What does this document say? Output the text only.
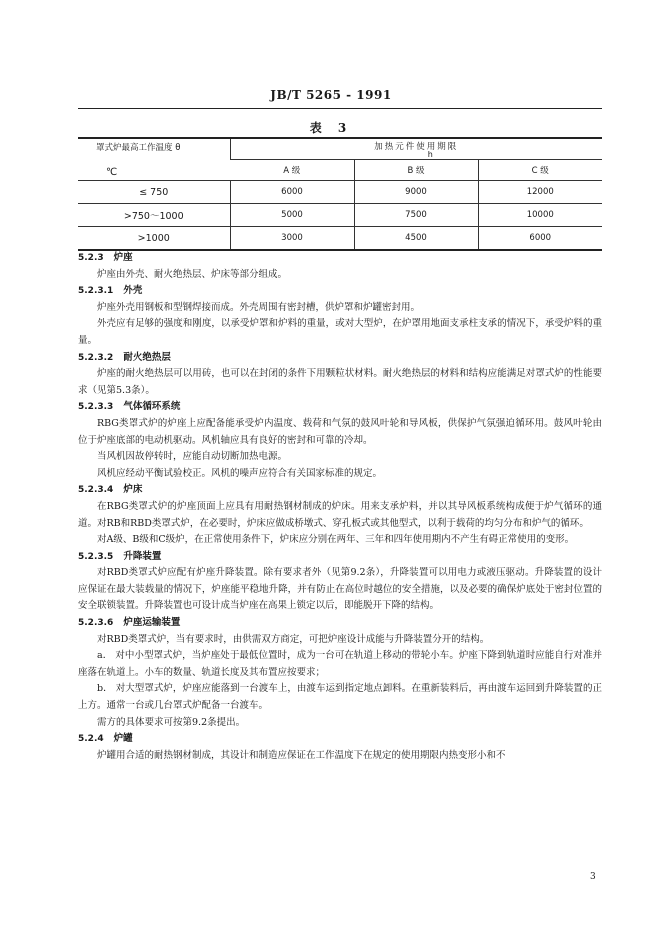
JB/T 5265 - 1991
表 3
罩式炉最高工作温度 θ
℃	加热元件使用期限
h		

	A 级	B 级	C 级
≤ 750	6000	9000	12000
>750～1000	5000	7500	10000
>1000	3000	4500	6000

5.2.3 炉座

炉座由外壳、耐火绝热层、炉床等部分组成。

5.2.3.1 外壳

炉座外壳用钢板和型钢焊接而成。外壳周围有密封槽，供炉罩和炉罐密封用。

外壳应有足够的强度和刚度，以承受炉罩和炉料的重量，或对大型炉，在炉罩用地面支承柱支承的情况下，承受炉料的重量。

5.2.3.2 耐火绝热层

炉座的耐火绝热层可以用砖，也可以在封闭的条件下用颗粒状材料。耐火绝热层的材料和结构应能满足对罩式炉的性能要求（见第5.3条）。

5.2.3.3 气体循环系统

RBG类罩式炉的炉座上应配备能承受炉内温度、载荷和气氛的鼓风叶轮和导风板，供保护气氛强迫循环用。鼓风叶轮由位于炉座底部的电动机驱动。风机轴应具有良好的密封和可靠的冷却。

当风机因故停转时，应能自动切断加热电源。

风机应经动平衡试验校正。风机的噪声应符合有关国家标准的规定。

5.2.3.4 炉床

在RBG类罩式炉的炉座顶面上应具有用耐热钢材制成的炉床。用来支承炉料，并以其导风板系统构成便于炉气循环的通道。对RB和RBD类罩式炉，在必要时，炉床应做成桥墩式、穿孔板式或其他型式，以利于载荷的均匀分布和炉气的循环。

对A级、B级和C级炉，在正常使用条件下，炉床应分别在两年、三年和四年使用期内不产生有碍正常使用的变形。

5.2.3.5 升降装置

对RBD类罩式炉应配有炉座升降装置。除有要求者外（见第9.2条），升降装置可以用电力或液压驱动。升降装置的设计应保证在最大装载量的情况下，炉座能平稳地升降，并有防止在高位时越位的安全措施，以及必要的确保炉底处于密封位置的安全联锁装置。升降装置也可设计成当炉座在高果上锁定以后，即能脱开下降的结构。

5.2.3.6 炉座运输装置

对RBD类罩式炉，当有要求时，由供需双方商定，可把炉座设计成能与升降装置分开的结构。

a． 对中小型罩式炉，当炉座处于最低位置时，成为一台可在轨道上移动的带轮小车。炉座下降到轨道时应能自行对准并座落在轨道上。小车的数量、轨道长度及其布置应按要求；

b． 对大型罩式炉，炉座应能落到一台渡车上，由渡车运到指定地点卸料。在重新装料后，再由渡车运回到升降装置的正上方。通常一台或几台罩式炉配备一台渡车。

需方的具体要求可按第9.2条提出。

5.2.4 炉罐

炉罐用合适的耐热钢材制成，其设计和制造应保证在工作温度下在规定的使用期限内热变形小和不

3
